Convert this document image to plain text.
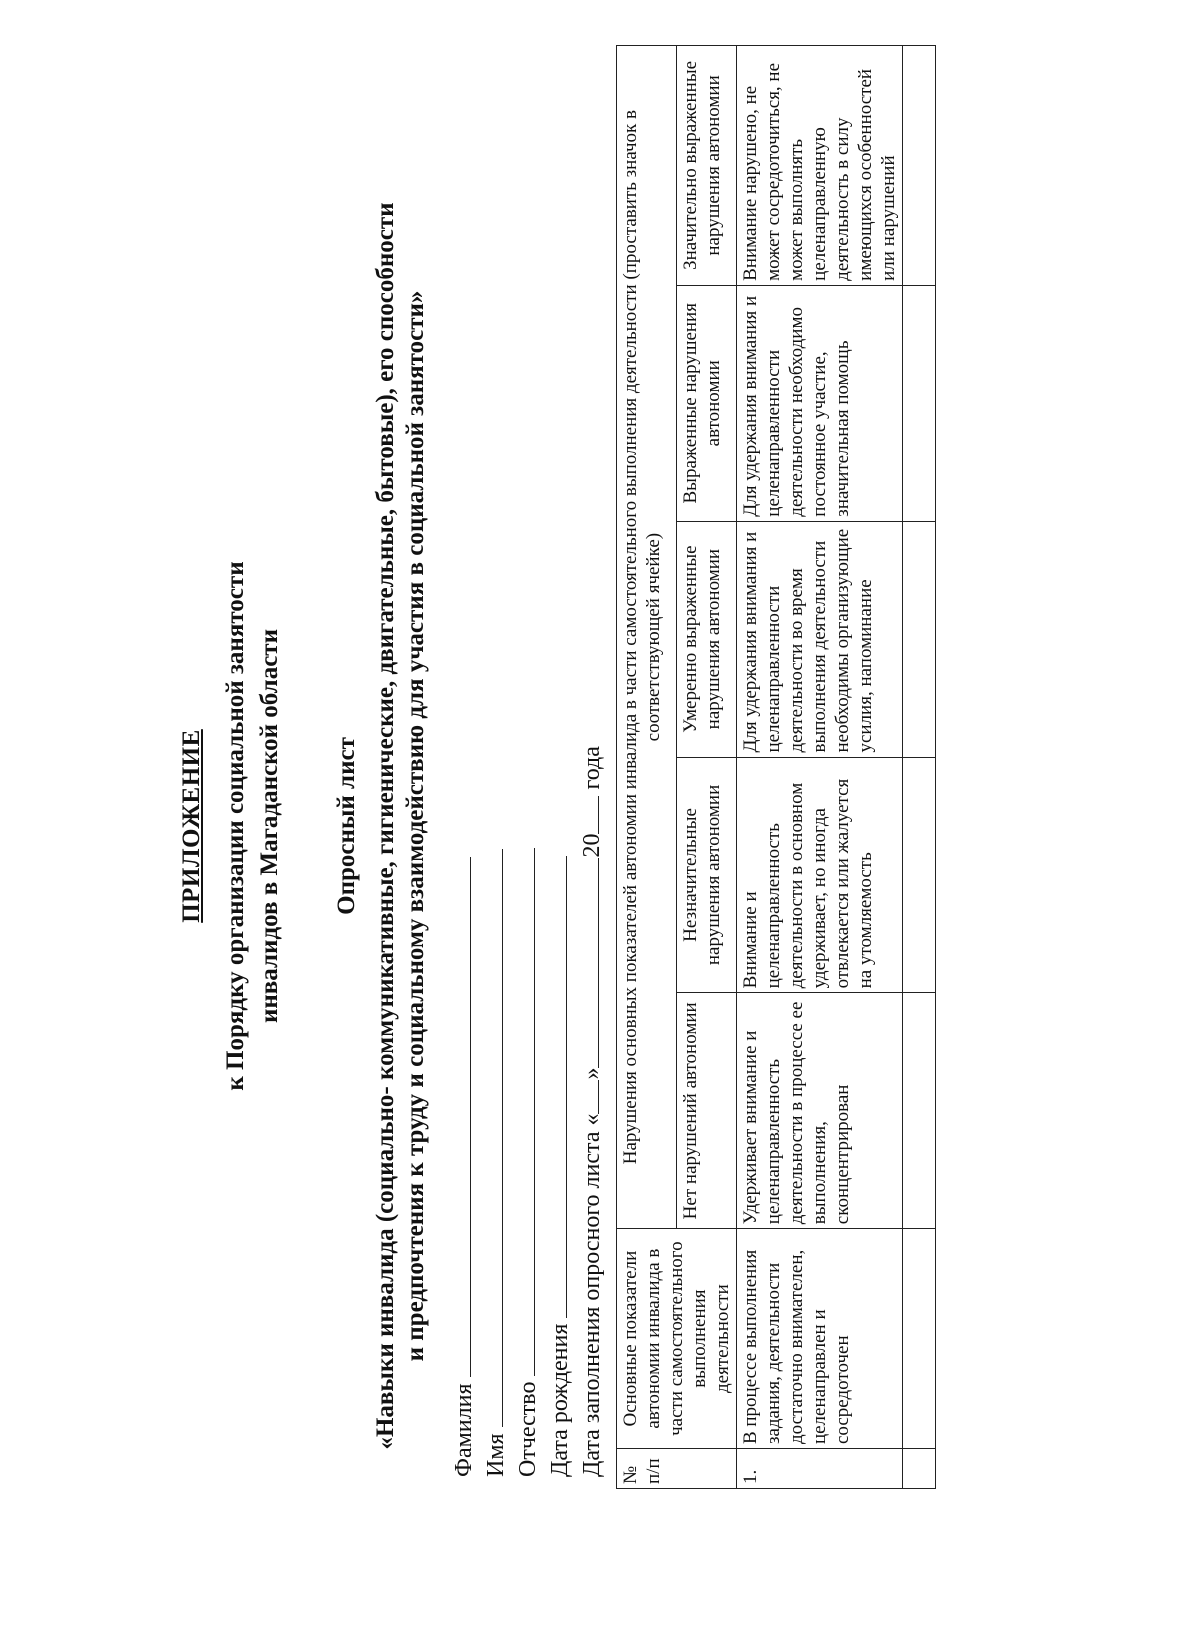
ПРИЛОЖЕНИЕ к Порядку организации социальной занятости инвалидов в Магаданской области Опросный лист «Навыки инвалида (социально- коммуникативные, гигиенические, двигательные, бытовые), его способности и предпочтения к труду и социальному взаимодействию для участия в социальной занятости»

Фамилия Имя Отчество Дата рождения Дата заполнения опросного листа «»20 года
№ п/п	Основные показатели автономии инвалида в части самостоятельного выполнения деятельности	Нарушения основных показателей автономии инвалида в части самостоятельного выполнения деятельности (проставить значок в соответствующей ячейке)				
		Нет нарушений автономии	Незначительные нарушения автономии	Умеренно выраженные нарушения автономии	Выраженные нарушения автономии	Значительно выраженные нарушения автономии
1.	В процессе выполнения задания, деятельности достаточно внимателен, целенаправлен и сосредоточен	Удерживает внимание и целенаправленность деятельности в процессе ее выполнения, сконцентрирован	Внимание и целенаправленность деятельности в основном удерживает, но иногда отвлекается или жалуется на утомляемость	Для удержания внимания и целенаправленности деятельности во время выполнения деятельности необходимы организующие усилия, напоминание	Для удержания внимания и целенаправленности деятельности необходимо постоянное участие, значительная помощь	Внимание нарушено, не может сосредоточиться, не может выполнять целенаправленную деятельность в силу имеющихся особенностей или нарушений
